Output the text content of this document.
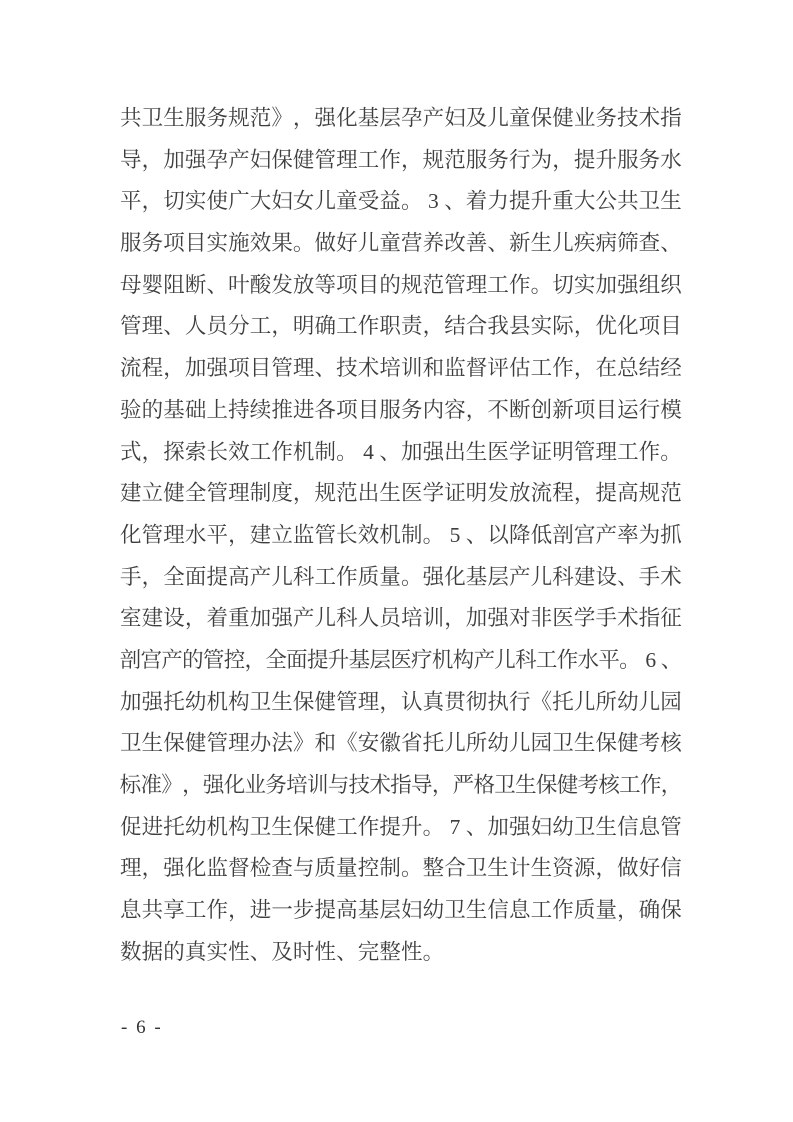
共 卫 生 服 务 规 范 》 ， 强 化 基 层 孕 产 妇 及 儿 童 保 健 业 务 技 术 指
导 ， 加 强 孕 产 妇 保 健 管 理 工 作 ， 规 范 服 务 行 为 ， 提 升 服 务 水
平 ， 切 实 使 广 大 妇 女 儿 童 受 益 。 3 、 着 力 提 升 重 大 公 共 卫 生
服 务 项 目 实 施 效 果 。 做 好 儿 童 营 养 改 善 、 新 生 儿 疾 病 筛 查 、
母 婴 阻 断 、 叶 酸 发 放 等 项 目 的 规 范 管 理 工 作 。 切 实 加 强 组 织
管 理 、 人 员 分 工 ， 明 确 工 作 职 责 ， 结 合 我 县 实 际 ， 优 化 项 目
流 程 ， 加 强 项 目 管 理 、 技 术 培 训 和 监 督 评 估 工 作 ， 在 总 结 经
验 的 基 础 上 持 续 推 进 各 项 目 服 务 内 容 ， 不 断 创 新 项 目 运 行 模
式 ， 探 索 长 效 工 作 机 制 。 4 、 加 强 出 生 医 学 证 明 管 理 工 作 。
建 立 健 全 管 理 制 度 ， 规 范 出 生 医 学 证 明 发 放 流 程 ， 提 高 规 范
化 管 理 水 平 ， 建 立 监 管 长 效 机 制 。 5 、 以 降 低 剖 宫 产 率 为 抓
手 ， 全 面 提 高 产 儿 科 工 作 质 量 。 强 化 基 层 产 儿 科 建 设 、 手 术
室 建 设 ， 着 重 加 强 产 儿 科 人 员 培 训 ， 加 强 对 非 医 学 手 术 指 征
剖 宫 产 的 管 控 ， 全 面 提 升 基 层 医 疗 机 构 产 儿 科 工 作 水 平 。 6 、
加 强 托 幼 机 构 卫 生 保 健 管 理 ， 认 真 贯 彻 执 行 《 托 儿 所 幼 儿 园
卫 生 保 健 管 理 办 法 》 和 《 安 徽 省 托 儿 所 幼 儿 园 卫 生 保 健 考 核
标 准 》 ， 强 化 业 务 培 训 与 技 术 指 导 ， 严 格 卫 生 保 健 考 核 工 作 ，
促 进 托 幼 机 构 卫 生 保 健 工 作 提 升 。 7 、 加 强 妇 幼 卫 生 信 息 管
理 ， 强 化 监 督 检 查 与 质 量 控 制 。 整 合 卫 生 计 生 资 源 ， 做 好 信
息 共 享 工 作 ， 进 一 步 提 高 基 层 妇 幼 卫 生 信 息 工 作 质 量 ， 确 保
数 据 的 真 实 性 、 及 时 性 、 完 整 性 。
- 6 -
